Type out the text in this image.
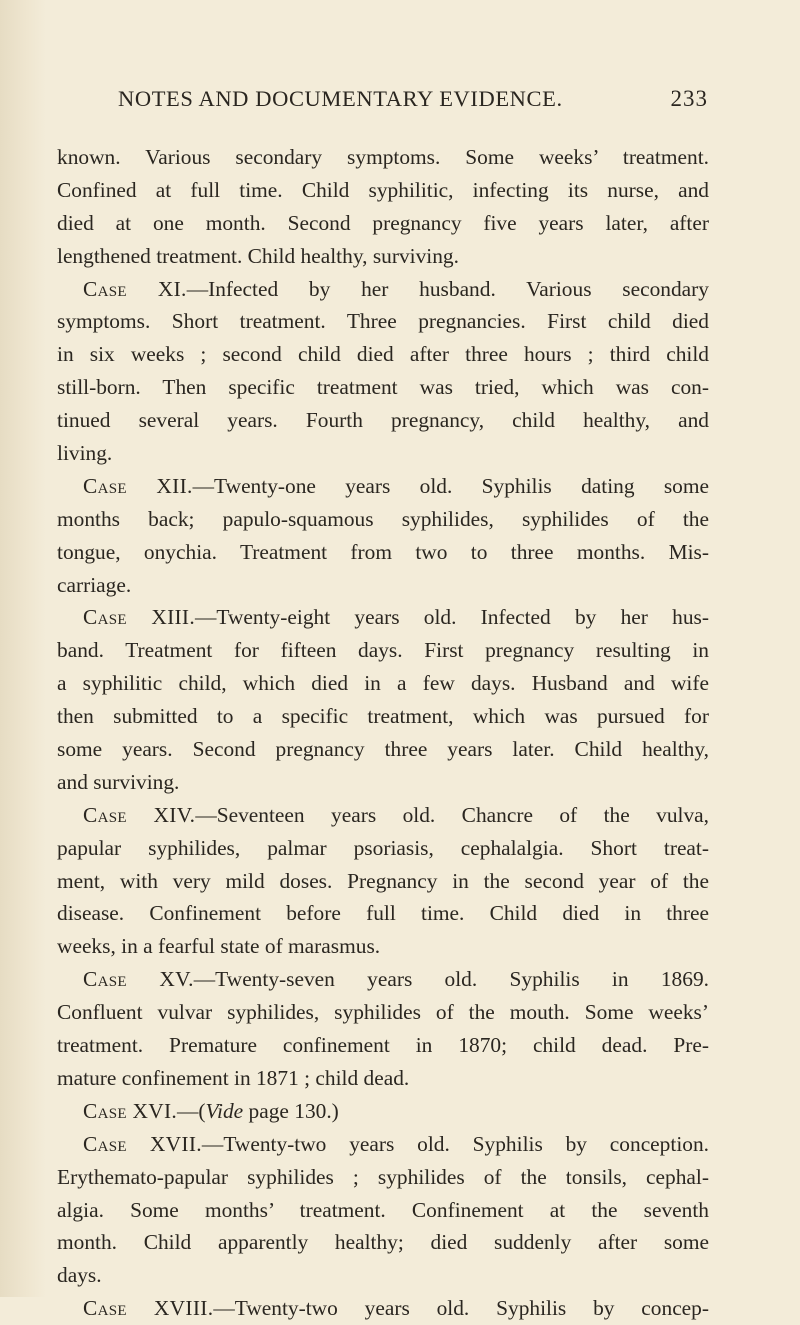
NOTES AND DOCUMENTARY EVIDENCE.	233
known. Various secondary symptoms. Some weeks’ treatment.
Confined at full time. Child syphilitic, infecting its nurse, and
died at one month. Second pregnancy five years later, after
lengthened treatment. Child healthy, surviving.
Case XI.—Infected by her husband. Various secondary
symptoms. Short treatment. Three pregnancies. First child died
in six weeks ; second child died after three hours ; third child
still-born. Then specific treatment was tried, which was con-
tinued several years. Fourth pregnancy, child healthy, and
living.
Case XII.—Twenty-one years old. Syphilis dating some
months back; papulo-squamous syphilides, syphilides of the
tongue, onychia. Treatment from two to three months. Mis-
carriage.
Case XIII.—Twenty-eight years old. Infected by her hus-
band. Treatment for fifteen days. First pregnancy resulting in
a syphilitic child, which died in a few days. Husband and wife
then submitted to a specific treatment, which was pursued for
some years. Second pregnancy three years later. Child healthy,
and surviving.
Case XIV.—Seventeen years old. Chancre of the vulva,
papular syphilides, palmar psoriasis, cephalalgia. Short treat-
ment, with very mild doses. Pregnancy in the second year of the
disease. Confinement before full time. Child died in three
weeks, in a fearful state of marasmus.
Case XV.—Twenty-seven years old. Syphilis in 1869.
Confluent vulvar syphilides, syphilides of the mouth. Some weeks’
treatment. Premature confinement in 1870; child dead. Pre-
mature confinement in 1871 ; child dead.
Case XVI.—(Vide page 130.)
Case XVII.—Twenty-two years old. Syphilis by conception.
Erythemato-papular syphilides ; syphilides of the tonsils, cephal-
algia. Some months’ treatment. Confinement at the seventh
month. Child apparently healthy; died suddenly after some
days.
Case XVIII.—Twenty-two years old. Syphilis by concep-
